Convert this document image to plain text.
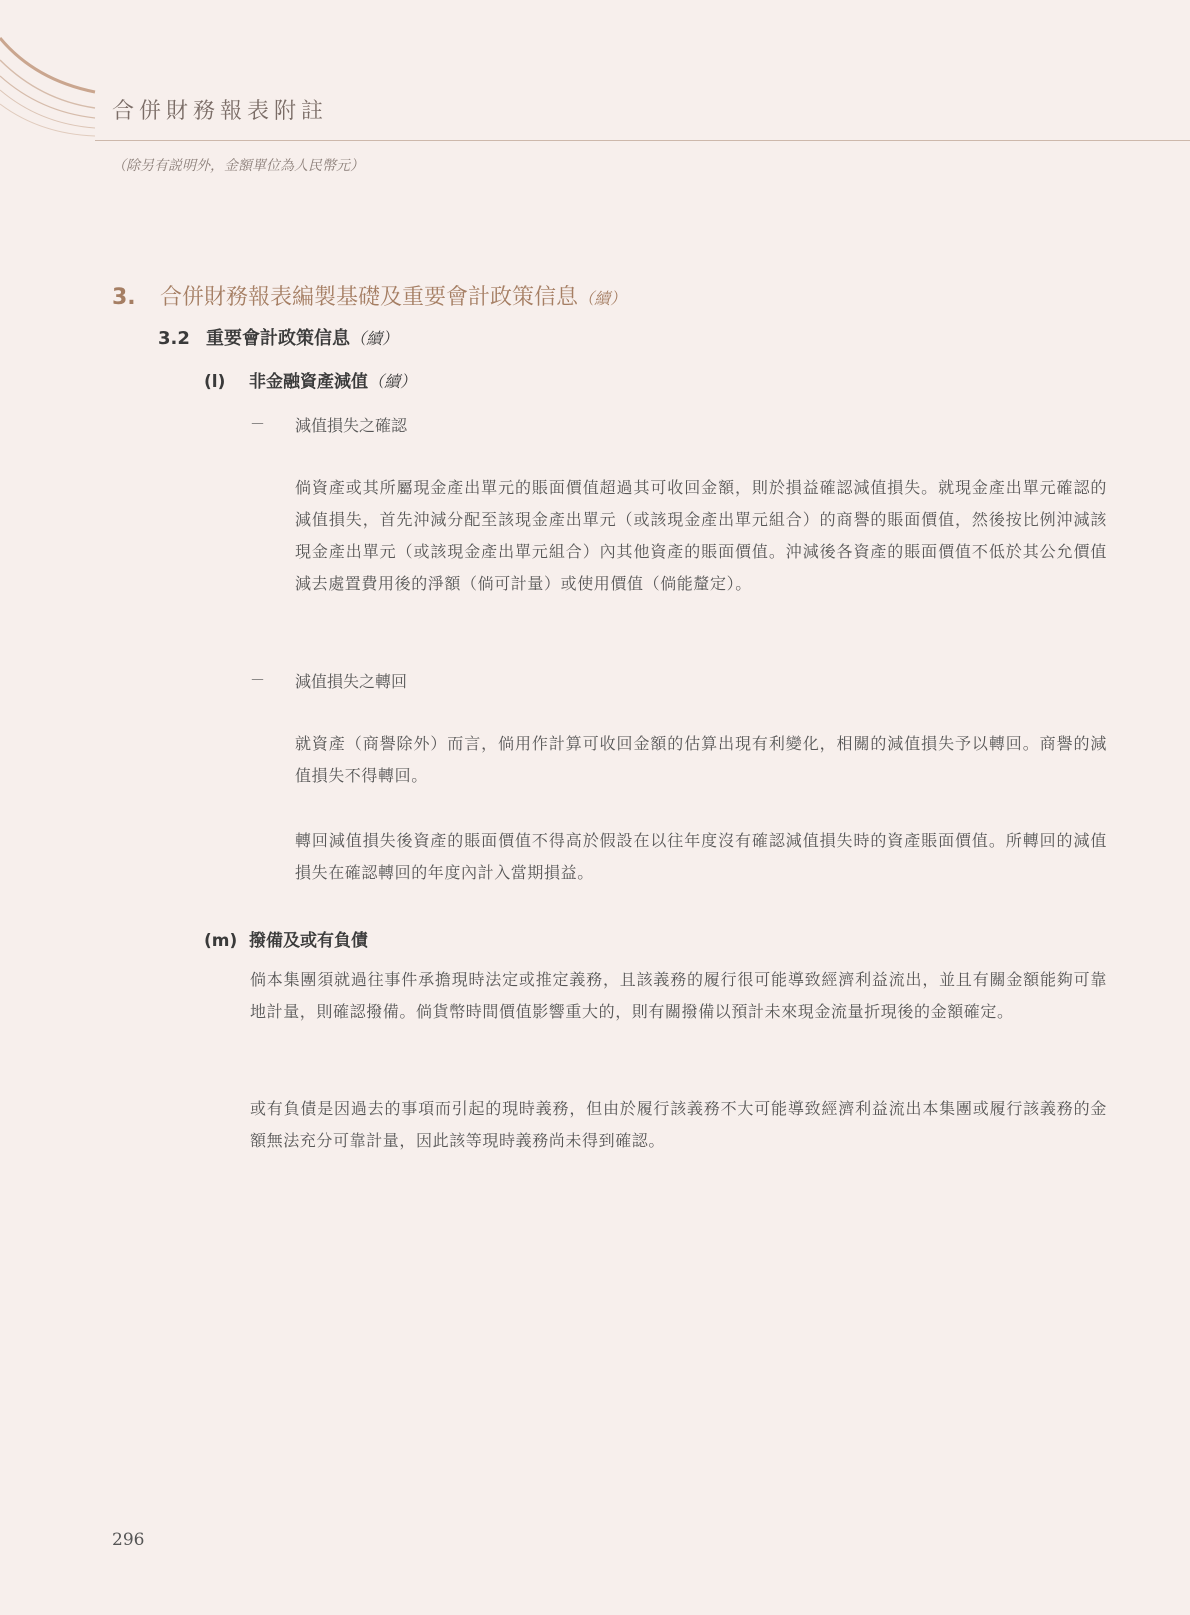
合併財務報表附註
（除另有説明外，金額單位為人民幣元）
3. 合併財務報表編製基礎及重要會計政策信息（續）
3.2 重要會計政策信息（續）
(l) 非金融資產減值（續）
－ 減值損失之確認

倘資產或其所屬現金產出單元的賬面價值超過其可收回金額，則於損益確認減值損失。就現金產出單元確認的減值損失，首先沖減分配至該現金產出單元（或該現金產出單元組合）的商譽的賬面價值，然後按比例沖減該現金產出單元（或該現金產出單元組合）內其他資產的賬面價值。沖減後各資產的賬面價值不低於其公允價值減去處置費用後的淨額（倘可計量）或使用價值（倘能釐定）。

－ 減值損失之轉回

就資產（商譽除外）而言，倘用作計算可收回金額的估算出現有利變化，相關的減值損失予以轉回。商譽的減值損失不得轉回。

轉回減值損失後資產的賬面價值不得高於假設在以往年度沒有確認減值損失時的資產賬面價值。所轉回的減值損失在確認轉回的年度內計入當期損益。

(m) 撥備及或有負債

倘本集團須就過往事件承擔現時法定或推定義務，且該義務的履行很可能導致經濟利益流出，並且有關金額能夠可靠地計量，則確認撥備。倘貨幣時間價值影響重大的，則有關撥備以預計未來現金流量折現後的金額確定。

或有負債是因過去的事項而引起的現時義務，但由於履行該義務不大可能導致經濟利益流出本集團或履行該義務的金額無法充分可靠計量，因此該等現時義務尚未得到確認。

296
